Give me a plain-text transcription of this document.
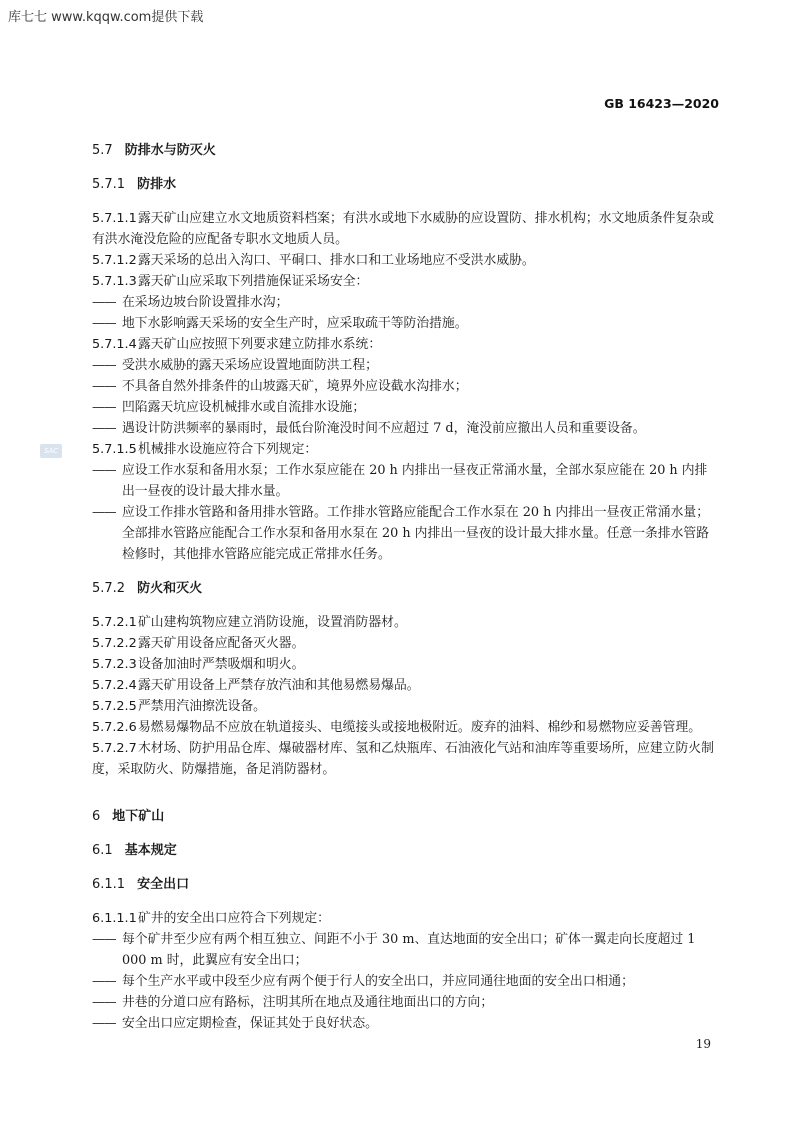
库七七 www.kqqw.com提供下载
GB 16423—2020
SAC
5.7 防排水与防灭火
5.7.1 防排水

5.7.1.1露天矿山应建立水文地质资料档案；有洪水或地下水威胁的应设置防、排水机构；水文地质条件复杂或有洪水淹没危险的应配备专职水文地质人员。

5.7.1.2露天采场的总出入沟口、平硐口、排水口和工业场地应不受洪水威胁。

5.7.1.3露天矿山应采取下列措施保证采场安全：

—— 在采场边坡台阶设置排水沟；

—— 地下水影响露天采场的安全生产时，应采取疏干等防治措施。

5.7.1.4露天矿山应按照下列要求建立防排水系统：

—— 受洪水威胁的露天采场应设置地面防洪工程；

—— 不具备自然外排条件的山坡露天矿，境界外应设截水沟排水；

—— 凹陷露天坑应设机械排水或自流排水设施；

—— 遇设计防洪频率的暴雨时，最低台阶淹没时间不应超过 7 d，淹没前应撤出人员和重要设备。

5.7.1.5机械排水设施应符合下列规定：

—— 应设工作水泵和备用水泵；工作水泵应能在 20 h 内排出一昼夜正常涌水量，全部水泵应能在 20 h 内排出一昼夜的设计最大排水量。

—— 应设工作排水管路和备用排水管路。工作排水管路应能配合工作水泵在 20 h 内排出一昼夜正常涌水量；全部排水管路应能配合工作水泵和备用水泵在 20 h 内排出一昼夜的设计最大排水量。任意一条排水管路检修时，其他排水管路应能完成正常排水任务。

5.7.2 防火和灭火

5.7.2.1矿山建构筑物应建立消防设施，设置消防器材。

5.7.2.2露天矿用设备应配备灭火器。

5.7.2.3设备加油时严禁吸烟和明火。

5.7.2.4露天矿用设备上严禁存放汽油和其他易燃易爆品。

5.7.2.5严禁用汽油擦洗设备。

5.7.2.6易燃易爆物品不应放在轨道接头、电缆接头或接地极附近。废弃的油料、棉纱和易燃物应妥善管理。

5.7.2.7木材场、防护用品仓库、爆破器材库、氢和乙炔瓶库、石油液化气站和油库等重要场所，应建立防火制度，采取防火、防爆措施，备足消防器材。

6 地下矿山
6.1 基本规定
6.1.1 安全出口

6.1.1.1矿井的安全出口应符合下列规定：

—— 每个矿井至少应有两个相互独立、间距不小于 30 m、直达地面的安全出口；矿体一翼走向长度超过 1 000 m 时，此翼应有安全出口；

—— 每个生产水平或中段至少应有两个便于行人的安全出口，并应同通往地面的安全出口相通；

—— 井巷的分道口应有路标，注明其所在地点及通往地面出口的方向；

—— 安全出口应定期检查，保证其处于良好状态。

19
